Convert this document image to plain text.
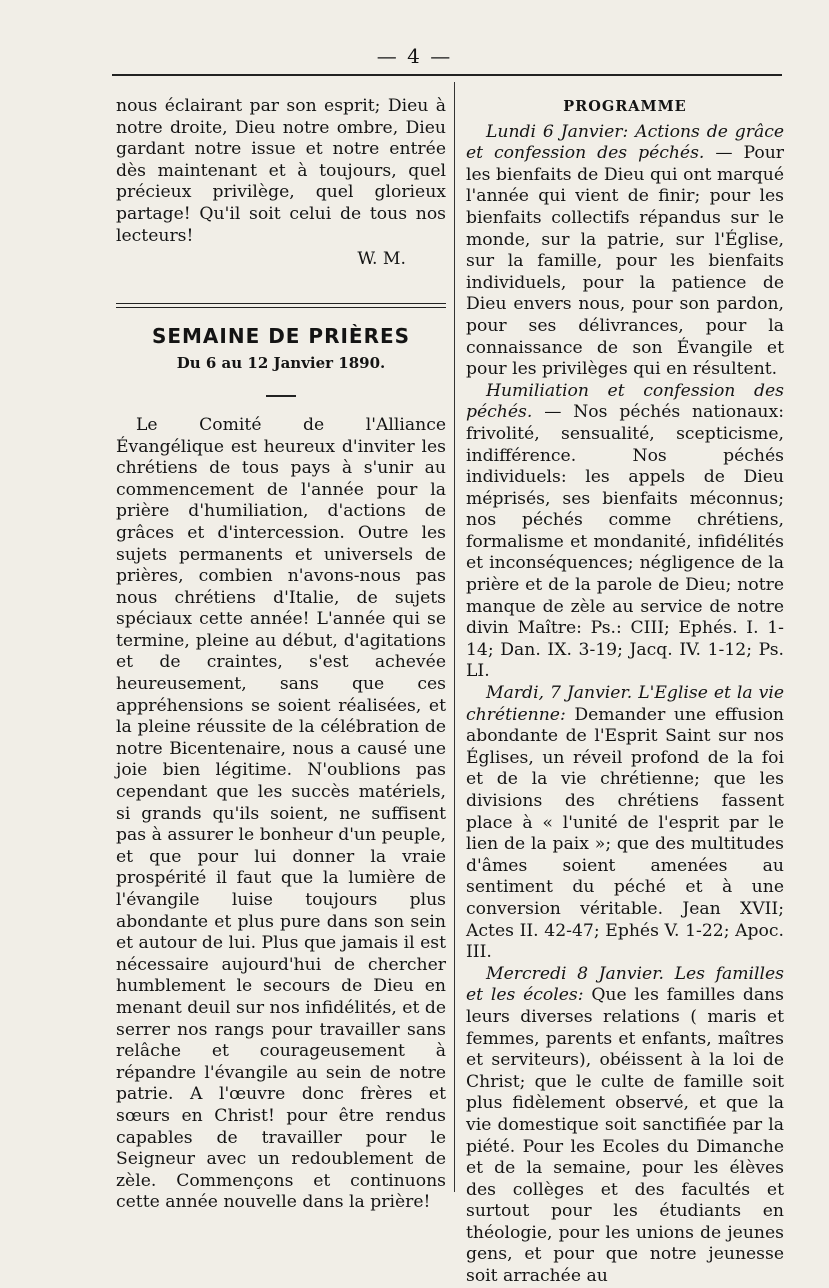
— 4 —

nous éclairant par son esprit; Dieu à notre droite, Dieu notre ombre, Dieu gardant notre issue et notre entrée dès maintenant et à toujours, quel précieux privilège, quel glorieux partage! Qu'il soit celui de tous nos lecteurs!

W. M.

SEMAINE DE PRIÈRES

Du 6 au 12 Janvier 1890.

Le Comité de l'Alliance Évangélique est heureux d'inviter les chrétiens de tous pays à s'unir au commencement de l'année pour la prière d'humiliation, d'actions de grâces et d'intercession. Outre les sujets permanents et universels de prières, combien n'avons-nous pas nous chrétiens d'Italie, de sujets spéciaux cette année! L'année qui se termine, pleine au début, d'agitations et de craintes, s'est achevée heureusement, sans que ces appréhensions se soient réalisées, et la pleine réussite de la célébration de notre Bicentenaire, nous a causé une joie bien légitime. N'oublions pas cependant que les succès matériels, si grands qu'ils soient, ne suffisent pas à assurer le bonheur d'un peuple, et que pour lui donner la vraie prospérité il faut que la lumière de l'évangile luise toujours plus abondante et plus pure dans son sein et autour de lui. Plus que jamais il est nécessaire aujourd'hui de chercher humblement le secours de Dieu en menant deuil sur nos infidélités, et de serrer nos rangs pour travailler sans relâche et courageusement à répandre l'évangile au sein de notre patrie. A l'œuvre donc frères et sœurs en Christ! pour être rendus capables de travailler pour le Seigneur avec un redoublement de zèle. Commençons et continuons cette année nouvelle dans la prière!

PROGRAMME

Lundi 6 Janvier: Actions de grâce et confession des péchés. — Pour les bienfaits de Dieu qui ont marqué l'année qui vient de finir; pour les bienfaits collectifs répandus sur le monde, sur la patrie, sur l'Église, sur la famille, pour les bienfaits individuels, pour la patience de Dieu envers nous, pour son pardon, pour ses délivrances, pour la connaissance de son Évangile et pour les privilèges qui en résultent.

Humiliation et confession des péchés. — Nos péchés nationaux: frivolité, sensualité, scepticisme, indifférence. Nos péchés individuels: les appels de Dieu méprisés, ses bienfaits méconnus; nos péchés comme chrétiens, formalisme et mondanité, infidélités et inconséquences; négligence de la prière et de la parole de Dieu; notre manque de zèle au service de notre divin Maître: Ps.: CIII; Ephés. I. 1-14; Dan. IX. 3-19; Jacq. IV. 1-12; Ps. LI.

Mardi, 7 Janvier. L'Eglise et la vie chrétienne: Demander une effusion abondante de l'Esprit Saint sur nos Églises, un réveil profond de la foi et de la vie chrétienne; que les divisions des chrétiens fassent place à « l'unité de l'esprit par le lien de la paix »; que des multitudes d'âmes soient amenées au sentiment du péché et à une conversion véritable. Jean XVII; Actes II. 42-47; Ephés V. 1-22; Apoc. III.

Mercredi 8 Janvier. Les familles et les écoles: Que les familles dans leurs diverses relations ( maris et femmes, parents et enfants, maîtres et serviteurs), obéissent à la loi de Christ; que le culte de famille soit plus fidèlement observé, et que la vie domestique soit sanctifiée par la piété. Pour les Ecoles du Dimanche et de la semaine, pour les élèves des collèges et des facultés et surtout pour les étudiants en théologie, pour les unions de jeunes gens, et pour que notre jeunesse soit arrachée au
